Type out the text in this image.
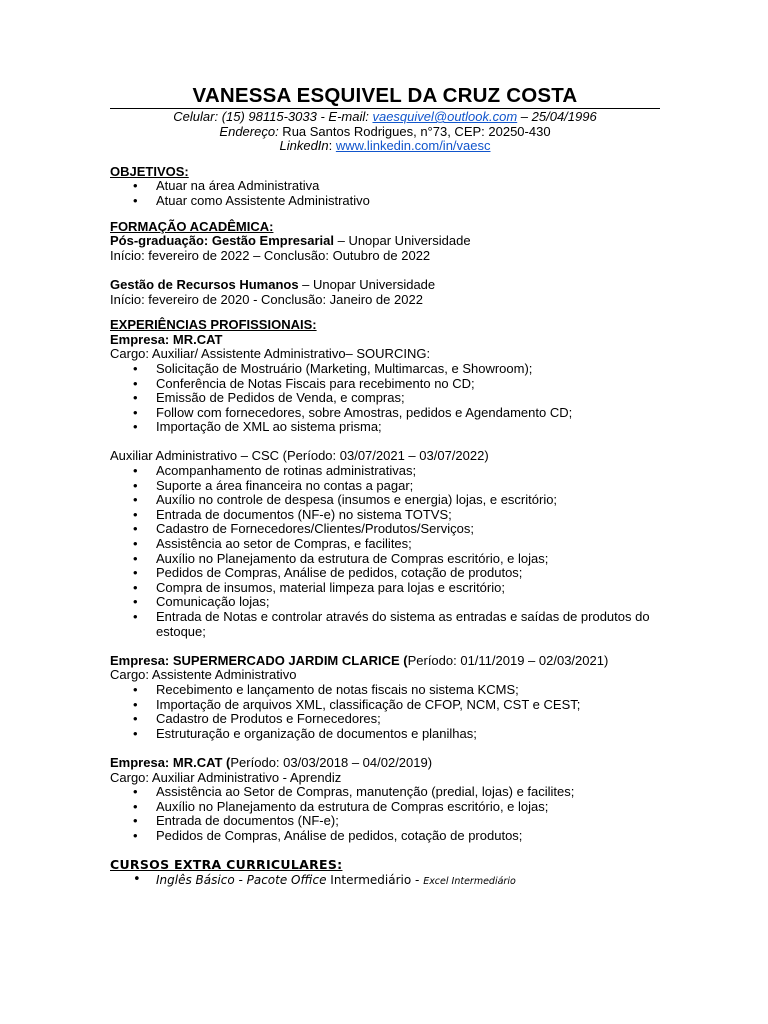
VANESSA ESQUIVEL DA CRUZ COSTA
Celular: (15) 98115-3033 - E-mail: vaesquivel@outlook.com – 25/04/1996
Endereço: Rua Santos Rodrigues, n°73, CEP: 20250-430
LinkedIn: www.linkedin.com/in/vaesc
OBJETIVOS:
• Atuar na área Administrativa
• Atuar como Assistente Administrativo
FORMAÇÃO ACADÊMICA:
Pós-graduação: Gestão Empresarial – Unopar Universidade
Início: fevereiro de 2022 – Conclusão: Outubro de 2022
Gestão de Recursos Humanos – Unopar Universidade
Início: fevereiro de 2020 - Conclusão: Janeiro de 2022
EXPERIÊNCIAS PROFISSIONAIS:
Empresa: MR.CAT
Cargo: Auxiliar/ Assistente Administrativo– SOURCING:
• Solicitação de Mostruário (Marketing, Multimarcas, e Showroom);
• Conferência de Notas Fiscais para recebimento no CD;
• Emissão de Pedidos de Venda, e compras;
• Follow com fornecedores, sobre Amostras, pedidos e Agendamento CD;
• Importação de XML ao sistema prisma;
Auxiliar Administrativo – CSC (Período: 03/07/2021 – 03/07/2022)
• Acompanhamento de rotinas administrativas;
• Suporte a área financeira no contas a pagar;
• Auxílio no controle de despesa (insumos e energia) lojas, e escritório;
• Entrada de documentos (NF-e) no sistema TOTVS;
• Cadastro de Fornecedores/Clientes/Produtos/Serviços;
• Assistência ao setor de Compras, e facilites;
• Auxílio no Planejamento da estrutura de Compras escritório, e lojas;
• Pedidos de Compras, Análise de pedidos, cotação de produtos;
• Compra de insumos, material limpeza para lojas e escritório;
• Comunicação lojas;
• Entrada de Notas e controlar através do sistema as entradas e saídas de produtos do estoque;
Empresa: SUPERMERCADO JARDIM CLARICE (Período: 01/11/2019 – 02/03/2021)
Cargo: Assistente Administrativo
• Recebimento e lançamento de notas fiscais no sistema KCMS;
• Importação de arquivos XML, classificação de CFOP, NCM, CST e CEST;
• Cadastro de Produtos e Fornecedores;
• Estruturação e organização de documentos e planilhas;
Empresa: MR.CAT (Período: 03/03/2018 – 04/02/2019)
Cargo: Auxiliar Administrativo - Aprendiz
• Assistência ao Setor de Compras, manutenção (predial, lojas) e facilites;
• Auxílio no Planejamento da estrutura de Compras escritório, e lojas;
• Entrada de documentos (NF-e);
• Pedidos de Compras, Análise de pedidos, cotação de produtos;
CURSOS EXTRA CURRICULARES:
• Inglês Básico - Pacote Office Intermediário - Excel Intermediário
